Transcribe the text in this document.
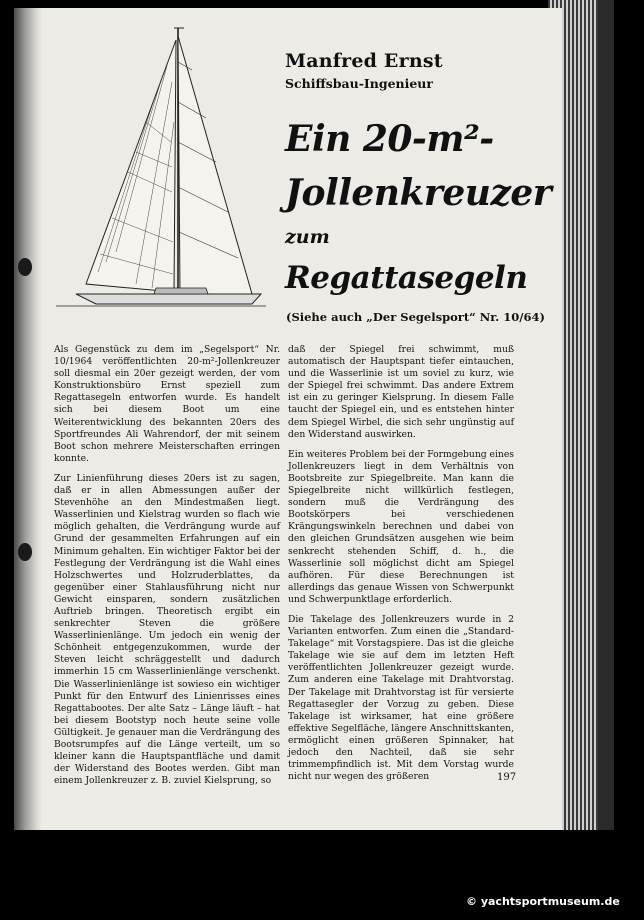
Manfred Ernst
Schiffsbau-Ingenieur
Ein 20-m²-
Jollenkreuzer
zum
Regattasegeln
(Siehe auch „Der Segelsport“ Nr. 10/64)

Als Gegenstück zu dem im „Segelsport“ Nr. 10/1964 veröffentlichten 20-m²-Jollenkreuzer soll diesmal ein 20er gezeigt werden, der vom Konstruktionsbüro Ernst speziell zum Regattasegeln entworfen wurde. Es handelt sich bei diesem Boot um eine Weiterentwicklung des bekannten 20ers des Sportfreundes Ali Wahrendorf, der mit seinem Boot schon mehrere Meisterschaften erringen konnte.

Zur Linienführung dieses 20ers ist zu sagen, daß er in allen Abmessungen außer der Stevenhöhe an den Mindestmaßen liegt. Wasserlinien und Kielstrag wurden so flach wie möglich gehalten, die Verdrängung wurde auf Grund der gesammelten Erfahrungen auf ein Minimum gehalten. Ein wichtiger Faktor bei der Festlegung der Verdrängung ist die Wahl eines Holzschwertes und Holzruderblattes, da gegenüber einer Stahlausführung nicht nur Gewicht einsparen, sondern zusätzlichen Auftrieb bringen. Theoretisch ergibt ein senkrechter Steven die größere Wasserlinienlänge. Um jedoch ein wenig der Schönheit entgegenzukommen, wurde der Steven leicht schräggestellt und dadurch immerhin 15 cm Wasserlinienlänge verschenkt. Die Wasserlinienlänge ist sowieso ein wichtiger Punkt für den Entwurf des Linienrisses eines Regattabootes. Der alte Satz – Länge läuft – hat bei diesem Bootstyp noch heute seine volle Gültigkeit. Je genauer man die Verdrängung des Bootsrumpfes auf die Länge verteilt, um so kleiner kann die Hauptspantfläche und damit der Widerstand des Bootes werden. Gibt man einem Jollenkreuzer z. B. zuviel Kielsprung, so

daß der Spiegel frei schwimmt, muß automatisch der Hauptspant tiefer eintauchen, und die Wasserlinie ist um soviel zu kurz, wie der Spiegel frei schwimmt. Das andere Extrem ist ein zu geringer Kielsprung. In diesem Falle taucht der Spiegel ein, und es entstehen hinter dem Spiegel Wirbel, die sich sehr ungünstig auf den Widerstand auswirken.

Ein weiteres Problem bei der Formgebung eines Jollenkreuzers liegt in dem Verhältnis von Bootsbreite zur Spiegelbreite. Man kann die Spiegelbreite nicht willkürlich festlegen, sondern muß die Verdrängung des Bootskörpers bei verschiedenen Krängungswinkeln berechnen und dabei von den gleichen Grundsätzen ausgehen wie beim senkrecht stehenden Schiff, d. h., die Wasserlinie soll möglichst dicht am Spiegel aufhören. Für diese Berechnungen ist allerdings das genaue Wissen von Schwerpunkt und Schwerpunktlage erforderlich.

Die Takelage des Jollenkreuzers wurde in 2 Varianten entworfen. Zum einen die „Standard-Takelage“ mit Vorstagspiere. Das ist die gleiche Takelage wie sie auf dem im letzten Heft veröffentlichten Jollenkreuzer gezeigt wurde. Zum anderen eine Takelage mit Drahtvorstag. Der Takelage mit Drahtvorstag ist für versierte Regattasegler der Vorzug zu geben. Diese Takelage ist wirksamer, hat eine größere effektive Segelfläche, längere Anschnittskanten, ermöglicht einen größeren Spinnaker, hat jedoch den Nachteil, daß sie sehr trimmempfindlich ist. Mit dem Vorstag wurde nicht nur wegen des größeren	197
© yachtsportmuseum.de
